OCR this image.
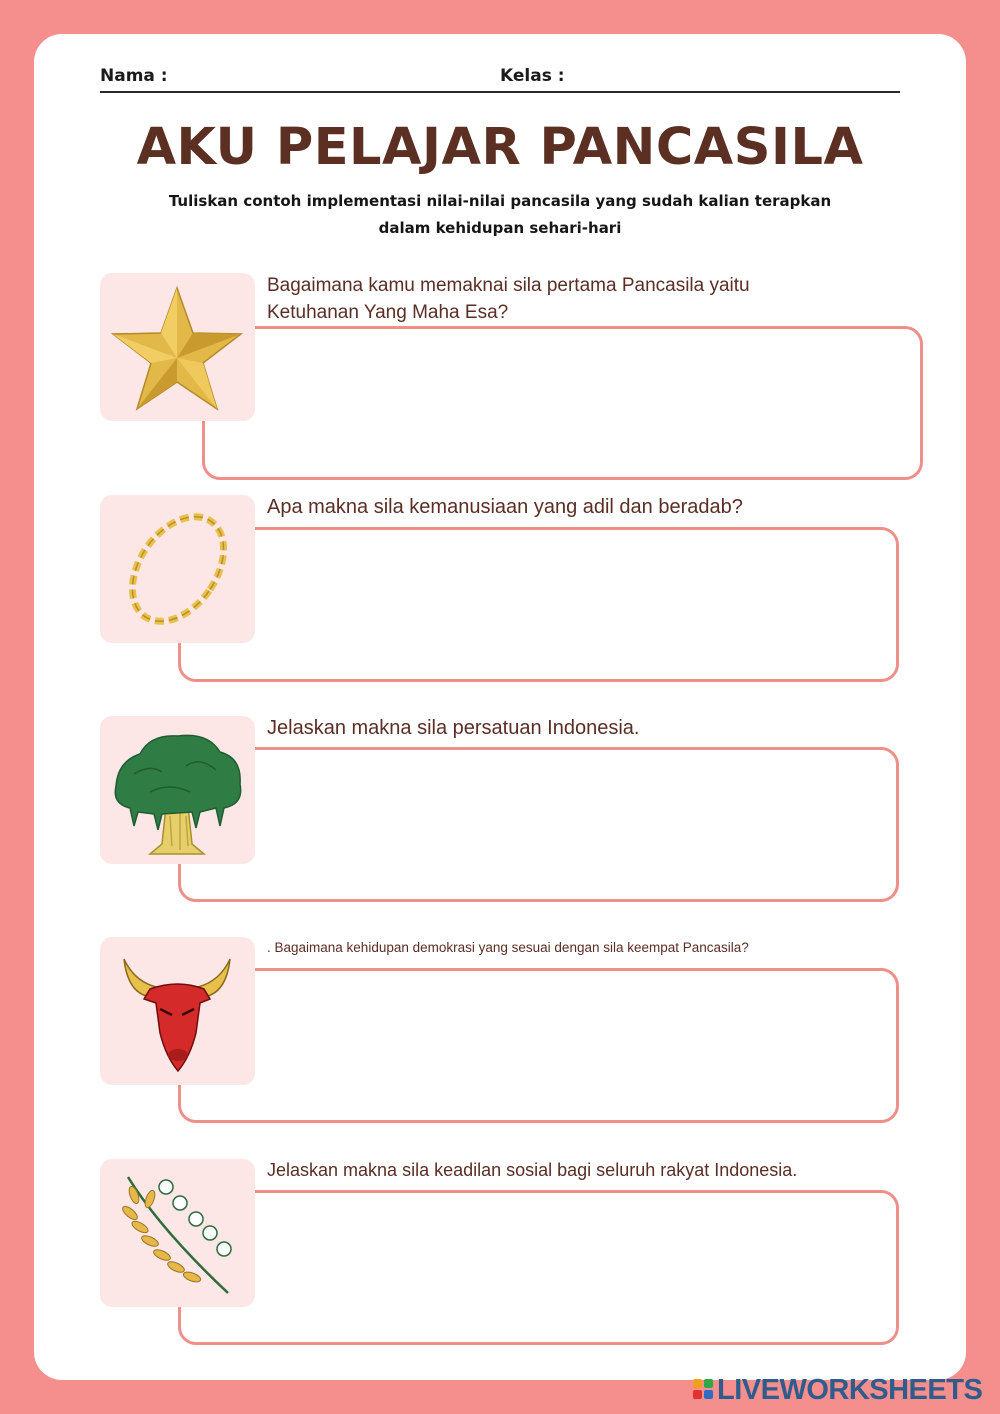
Nama :	Kelas :
AKU PELAJAR PANCASILA
Tuliskan contoh implementasi nilai-nilai pancasila yang sudah kalian terapkan
dalam kehidupan sehari-hari
Bagaimana kamu memaknai sila pertama Pancasila yaitu
Ketuhanan Yang Maha Esa?
Apa makna sila kemanusiaan yang adil dan beradab?
Jelaskan makna sila persatuan Indonesia.
. Bagaimana kehidupan demokrasi yang sesuai dengan sila keempat Pancasila?
Jelaskan makna sila keadilan sosial bagi seluruh rakyat Indonesia.
LIVEWORKSHEETS
